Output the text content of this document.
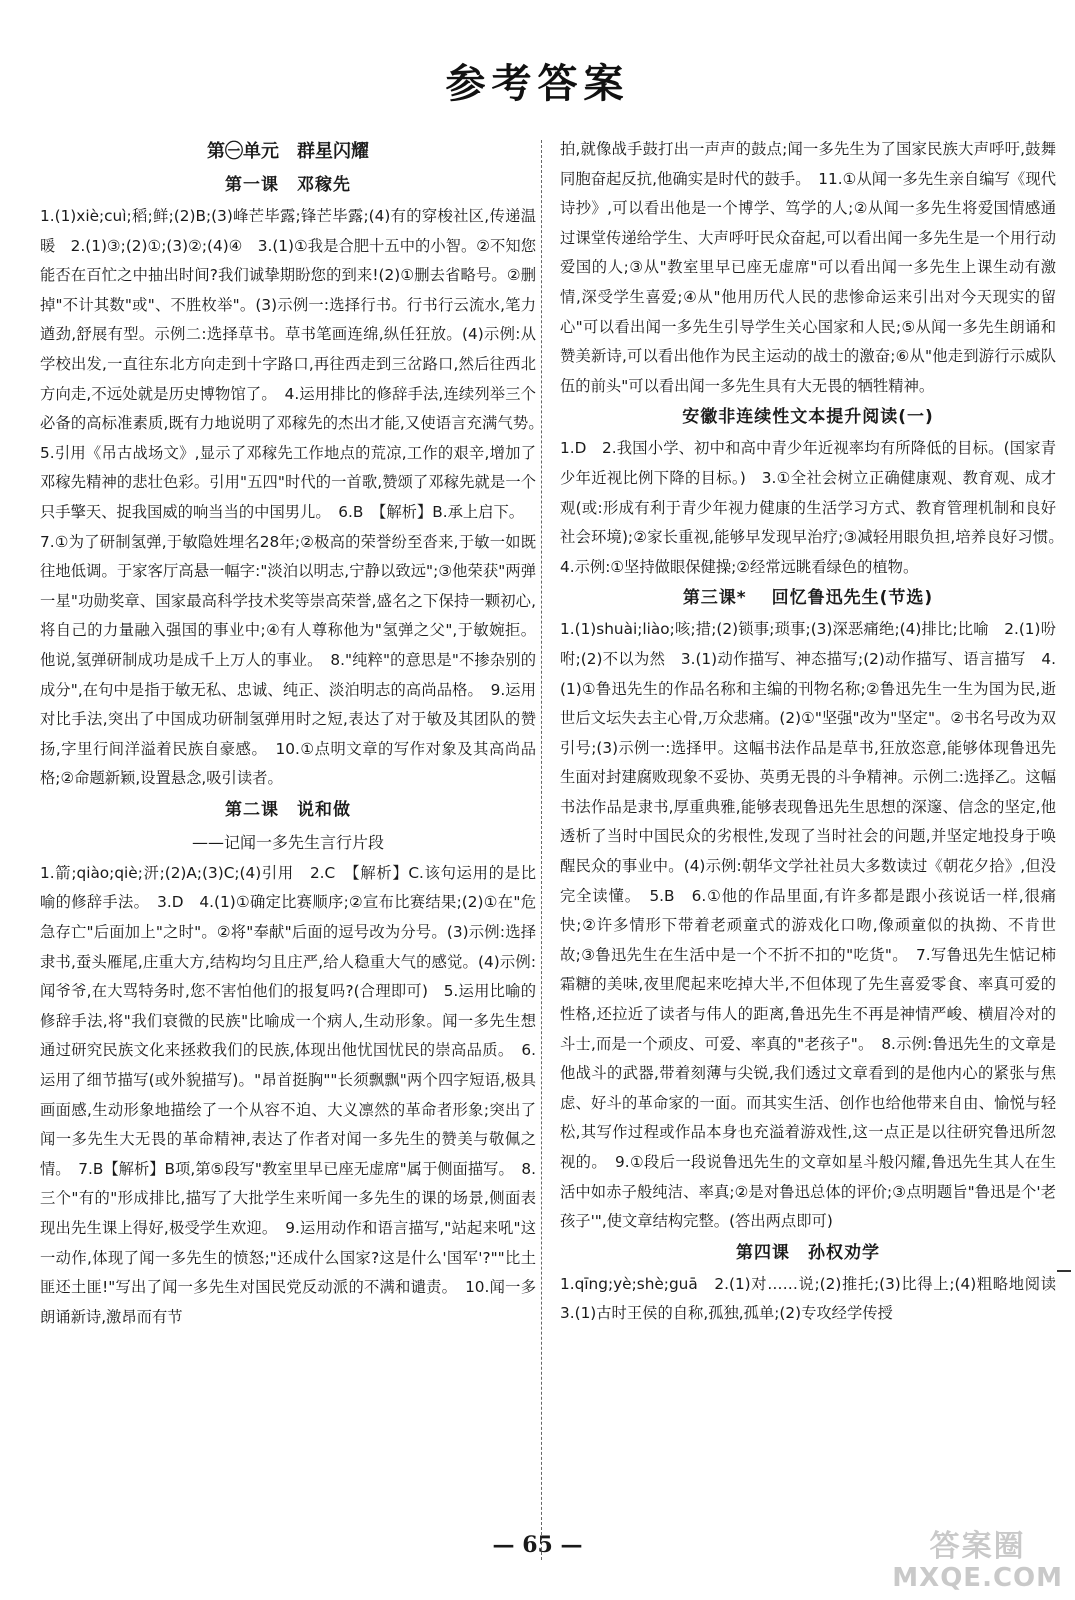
参考答案
第㊀单元　群星闪耀
第一课　邓稼先

1.(1)xiè;cuì;稻;鲜;(2)B;(3)峰芒毕露;锋芒毕露;(4)有的穿梭社区,传递温暖　2.(1)③;(2)①;(3)②;(4)④　3.(1)①我是合肥十五中的小智。②不知您能否在百忙之中抽出时间?我们诚挚期盼您的到来!(2)①删去省略号。②删掉"不计其数"或"、不胜枚举"。(3)示例一:选择行书。行书行云流水,笔力遒劲,舒展有型。示例二:选择草书。草书笔画连绵,纵任狂放。(4)示例:从学校出发,一直往东北方向走到十字路口,再往西走到三岔路口,然后往西北方向走,不远处就是历史博物馆了。　4.运用排比的修辞手法,连续列举三个必备的高标准素质,既有力地说明了邓稼先的杰出才能,又使语言充满气势。　5.引用《吊古战场文》,显示了邓稼先工作地点的荒凉,工作的艰辛,增加了邓稼先精神的悲壮色彩。引用"五四"时代的一首歌,赞颂了邓稼先就是一个只手擎天、捉我国威的响当当的中国男儿。　6.B　【解析】B.承上启下。

7.①为了研制氢弹,于敏隐姓埋名28年;②极高的荣誉纷至沓来,于敏一如既往地低调。于家客厅高悬一幅字:"淡泊以明志,宁静以致远";③他荣获"两弹一星"功勋奖章、国家最高科学技术奖等崇高荣誉,盛名之下保持一颗初心,将自己的力量融入强国的事业中;④有人尊称他为"氢弹之父",于敏婉拒。他说,氢弹研制成功是成千上万人的事业。　8."纯粹"的意思是"不掺杂别的成分",在句中是指于敏无私、忠诚、纯正、淡泊明志的高尚品格。　9.运用对比手法,突出了中国成功研制氢弹用时之短,表达了对于敏及其团队的赞扬,字里行间洋溢着民族自豪感。　10.①点明文章的写作对象及其高尚品格;②命题新颖,设置悬念,吸引读者。

第二课　说和做
——记闻一多先生言行片段

1.箭;qiào;qiè;汧;(2)A;(3)C;(4)引用　2.C　【解析】C.该句运用的是比喻的修辞手法。　3.D　4.(1)①确定比赛顺序;②宣布比赛结果;(2)①在"危急存亡"后面加上"之时"。②将"奉献"后面的逗号改为分号。(3)示例:选择隶书,蚕头雁尾,庄重大方,结构均匀且庄严,给人稳重大气的感觉。(4)示例:闻爷爷,在大骂特务时,您不害怕他们的报复吗?(合理即可)　5.运用比喻的修辞手法,将"我们衰微的民族"比喻成一个病人,生动形象。闻一多先生想通过研究民族文化来拯救我们的民族,体现出他忧国忧民的崇高品质。　6.运用了细节描写(或外貌描写)。"昂首挺胸""长须飘飘"两个四字短语,极具画面感,生动形象地描绘了一个从容不迫、大义凛然的革命者形象;突出了闻一多先生大无畏的革命精神,表达了作者对闻一多先生的赞美与敬佩之情。　7.B【解析】B项,第⑤段写"教室里早已座无虚席"属于侧面描写。　8.三个"有的"形成排比,描写了大批学生来听闻一多先生的课的场景,侧面表现出先生课上得好,极受学生欢迎。　9.运用动作和语言描写,"站起来吼"这一动作,体现了闻一多先生的愤怒;"还成什么国家?这是什么'国军'?""比土匪还土匪!"写出了闻一多先生对国民党反动派的不满和谴责。　10.闻一多朗诵新诗,激昂而有节

拍,就像战手鼓打出一声声的鼓点;闻一多先生为了国家民族大声呼吁,鼓舞同胞奋起反抗,他确实是时代的鼓手。　11.①从闻一多先生亲自编写《现代诗抄》,可以看出他是一个博学、笃学的人;②从闻一多先生将爱国情感通过课堂传递给学生、大声呼吁民众奋起,可以看出闻一多先生是一个用行动爱国的人;③从"教室里早已座无虚席"可以看出闻一多先生上课生动有激情,深受学生喜爱;④从"他用历代人民的悲惨命运来引出对今天现实的留心"可以看出闻一多先生引导学生关心国家和人民;⑤从闻一多先生朗诵和赞美新诗,可以看出他作为民主运动的战士的激奋;⑥从"他走到游行示威队伍的前头"可以看出闻一多先生具有大无畏的牺牲精神。

安徽非连续性文本提升阅读(一)

1.D　2.我国小学、初中和高中青少年近视率均有所降低的目标。(国家青少年近视比例下降的目标。)　3.①全社会树立正确健康观、教育观、成才观(或:形成有利于青少年视力健康的生活学习方式、教育管理机制和良好社会环境);②家长重视,能够早发现早治疗;③减轻用眼负担,培养良好习惯。　4.示例:①坚持做眼保健操;②经常远眺看绿色的植物。

第三课* 　回忆鲁迅先生(节选)

1.(1)shuài;liào;咳;措;(2)锁事;琐事;(3)深恶痛绝;(4)排比;比喻　2.(1)吩咐;(2)不以为然　3.(1)动作描写、神态描写;(2)动作描写、语言描写　4.(1)①鲁迅先生的作品名称和主编的刊物名称;②鲁迅先生一生为国为民,逝世后文坛失去主心骨,万众悲痛。(2)①"坚强"改为"坚定"。②书名号改为双引号;(3)示例一:选择甲。这幅书法作品是草书,狂放恣意,能够体现鲁迅先生面对封建腐败现象不妥协、英勇无畏的斗争精神。示例二:选择乙。这幅书法作品是隶书,厚重典雅,能够表现鲁迅先生思想的深邃、信念的坚定,他透析了当时中国民众的劣根性,发现了当时社会的问题,并坚定地投身于唤醒民众的事业中。(4)示例:朝华文学社社员大多数读过《朝花夕拾》,但没完全读懂。　5.B　6.①他的作品里面,有许多都是跟小孩说话一样,很痛快;②许多情形下带着老顽童式的游戏化口吻,像顽童似的执拗、不肯世故;③鲁迅先生在生活中是一个不折不扣的"吃货"。　7.写鲁迅先生惦记柿霜糖的美味,夜里爬起来吃掉大半,不但体现了先生喜爱零食、率真可爱的性格,还拉近了读者与伟人的距离,鲁迅先生不再是神情严峻、横眉冷对的斗士,而是一个顽皮、可爱、率真的"老孩子"。　8.示例:鲁迅先生的文章是他战斗的武器,带着刻薄与尖锐,我们透过文章看到的是他内心的紧张与焦虑、好斗的革命家的一面。而其实生活、创作也给他带来自由、愉悦与轻松,其写作过程或作品本身也充溢着游戏性,这一点正是以往研究鲁迅所忽视的。　9.①段后一段说鲁迅先生的文章如星斗般闪耀,鲁迅先生其人在生活中如赤子般纯洁、率真;②是对鲁迅总体的评价;③点明题旨"鲁迅是个'老孩子'",使文章结构完整。(答出两点即可)

第四课　孙权劝学

1.qīng;yè;shè;guā　2.(1)对……说;(2)推托;(3)比得上;(4)粗略地阅读　3.(1)古时王侯的自称,孤独,孤单;(2)专攻经学传授

— 65 —	答案圈
MXQE.COM
